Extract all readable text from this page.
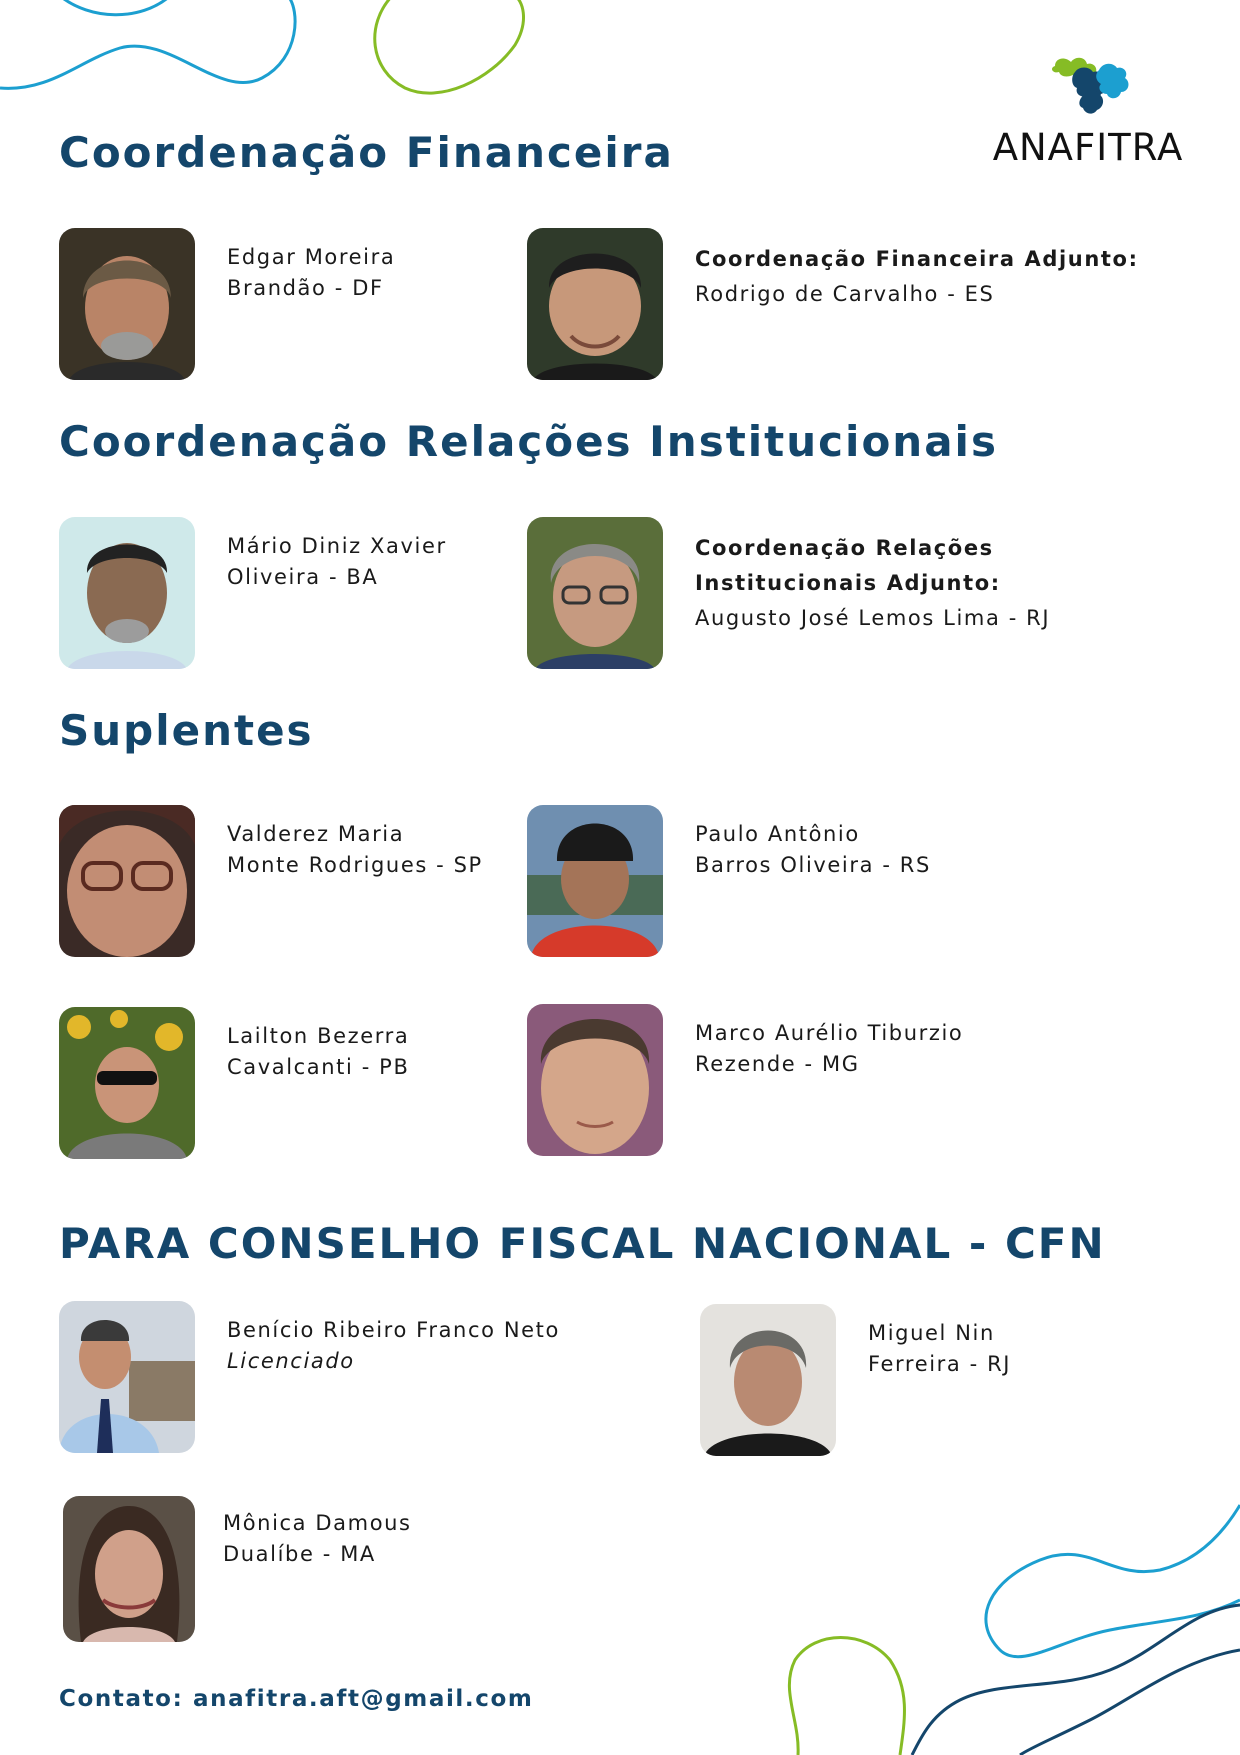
ANAFITRA
Coordenação Financeira
Edgar Moreira
Brandão - DF
Coordenação Financeira Adjunto:
Rodrigo de Carvalho - ES
Coordenação Relações Institucionais
Mário Diniz Xavier
Oliveira - BA
Coordenação Relações
Institucionais Adjunto:
Augusto José Lemos Lima - RJ
Suplentes
Valderez Maria
Monte Rodrigues - SP
Paulo Antônio
Barros Oliveira - RS
Lailton Bezerra
Cavalcanti - PB
Marco Aurélio Tiburzio
Rezende - MG
PARA CONSELHO FISCAL NACIONAL - CFN
Benício Ribeiro Franco Neto
Licenciado
Miguel Nin
Ferreira - RJ
Mônica Damous
Dualíbe - MA
Contato: anafitra.aft@gmail.com
